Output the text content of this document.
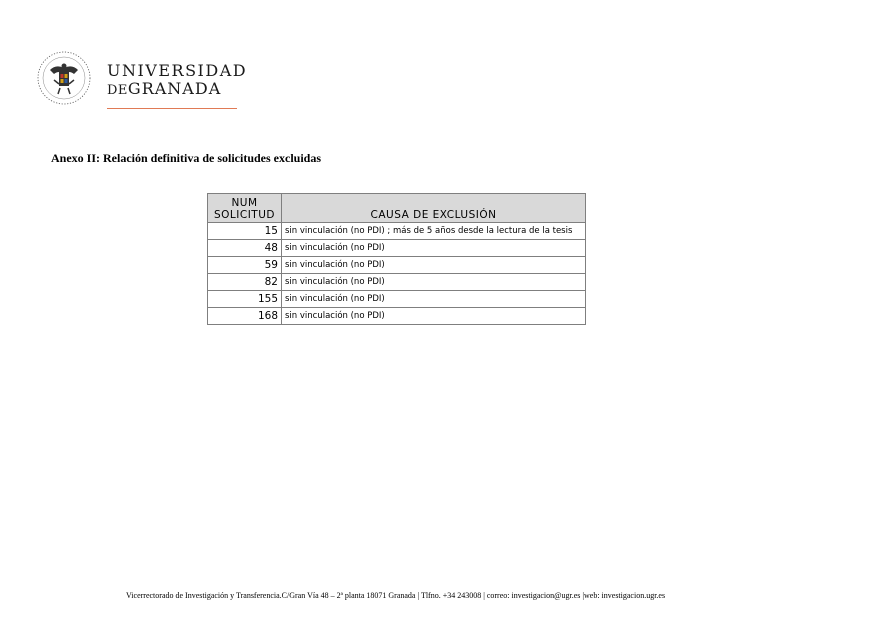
UNIVERSIDAD
DEGRANADA
Anexo II: Relación definitiva de solicitudes excluidas
NUM
SOLICITUD	CAUSA DE EXCLUSIÓN
15	sin vinculación (no PDI) ; más de 5 años desde la lectura de la tesis
48	sin vinculación (no PDI)
59	sin vinculación (no PDI)
82	sin vinculación (no PDI)
155	sin vinculación (no PDI)
168	sin vinculación (no PDI)
Vicerrectorado de Investigación y Transferencia.C/Gran Vía 48 – 2ª planta 18071 Granada | Tlfno. +34 243008 | correo: investigacion@ugr.es |web: investigacion.ugr.es
